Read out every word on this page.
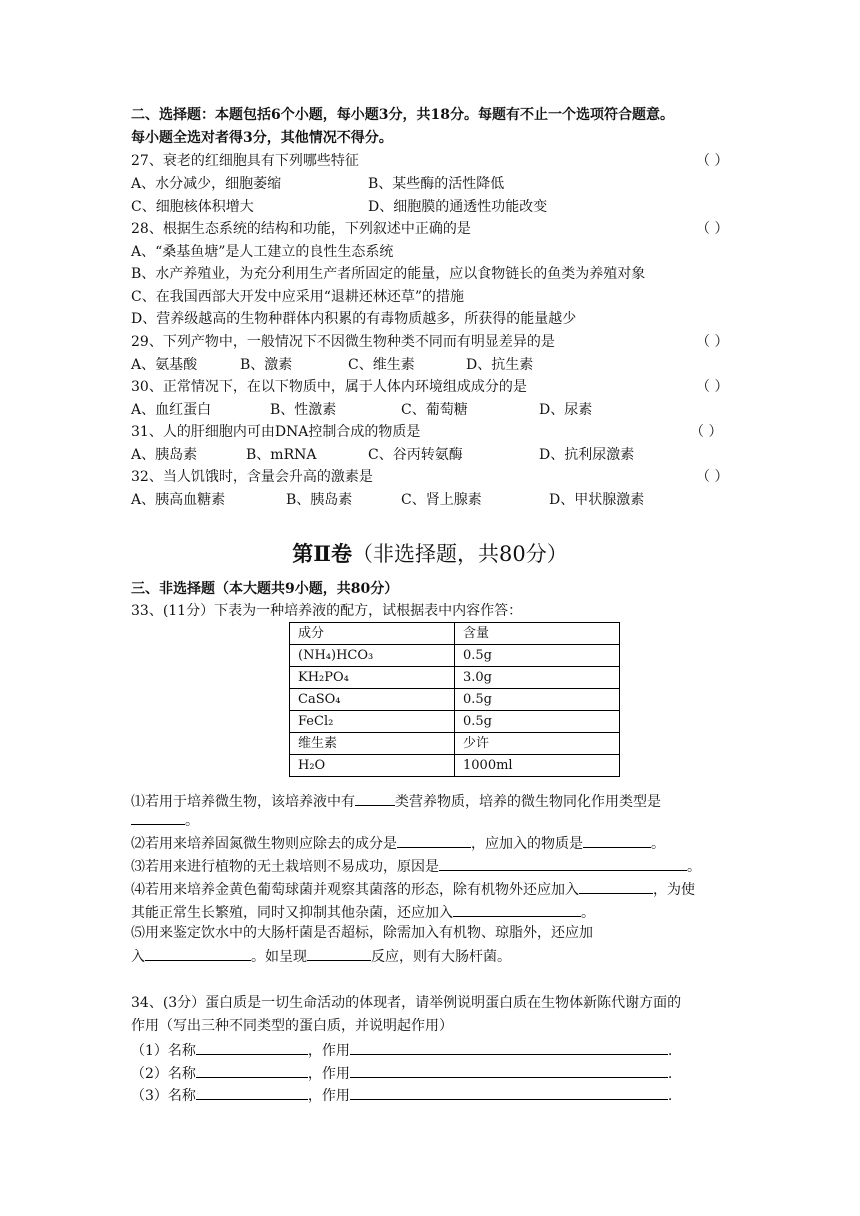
二、选择题：本题包括6个小题，每小题3分，共18分。每题有不止一个选项符合题意。
每小题全选对者得3分，其他情况不得分。
27、衰老的红细胞具有下列哪些特征	（ ）
A、水分减少，细胞萎缩	B、某些酶的活性降低
C、细胞核体积增大	D、细胞膜的通透性功能改变
28、根据生态系统的结构和功能，下列叙述中正确的是	（ ）
A、“桑基鱼塘”是人工建立的良性生态系统
B、水产养殖业，为充分利用生产者所固定的能量，应以食物链长的鱼类为养殖对象
C、在我国西部大开发中应采用“退耕还林还草”的措施
D、营养级越高的生物种群体内积累的有毒物质越多，所获得的能量越少
29、下列产物中，一般情况下不因微生物种类不同而有明显差异的是	（ ）
A、氨基酸	B、激素	C、维生素	D、抗生素
30、正常情况下，在以下物质中，属于人体内环境组成成分的是	（ ）
A、血红蛋白	B、性激素	C、葡萄糖	D、尿素
31、人的肝细胞内可由DNA控制合成的物质是	（ ）
A、胰岛素	B、mRNA	C、谷丙转氨酶	D、抗利尿激素
32、当人饥饿时，含量会升高的激素是	（ ）
A、胰高血糖素	B、胰岛素	C、肾上腺素	D、甲状腺激素
第Ⅱ卷（非选择题，共80分）
三、非选择题（本大题共9小题，共80分）
33、(11分）下表为一种培养液的配方，试根据表中内容作答：
成分	含量
(NH₄)HCO₃	0.5g
KH₂PO₄	3.0g
CaSO₄	0.5g
FeCl₂	0.5g
维生素	少许
H₂O	1000ml
⑴若用于培养微生物，该培养液中有	类营养物质，培养的微生物同化作用类型是
。
⑵若用来培养固氮微生物则应除去的成分是	，应加入的物质是	。
⑶若用来进行植物的无土栽培则不易成功，原因是	。
⑷若用来培养金黄色葡萄球菌并观察其菌落的形态，除有机物外还应加入	，为使
其能正常生长繁殖，同时又抑制其他杂菌，还应加入	。
⑸用来鉴定饮水中的大肠杆菌是否超标，除需加入有机物、琼脂外，还应加
入	。如呈现	反应，则有大肠杆菌。
34、(3分）蛋白质是一切生命活动的体现者，请举例说明蛋白质在生物体新陈代谢方面的
作用（写出三种不同类型的蛋白质，并说明起作用）
（1）名称	，作用	.
（2）名称	，作用	.
（3）名称	，作用	.
